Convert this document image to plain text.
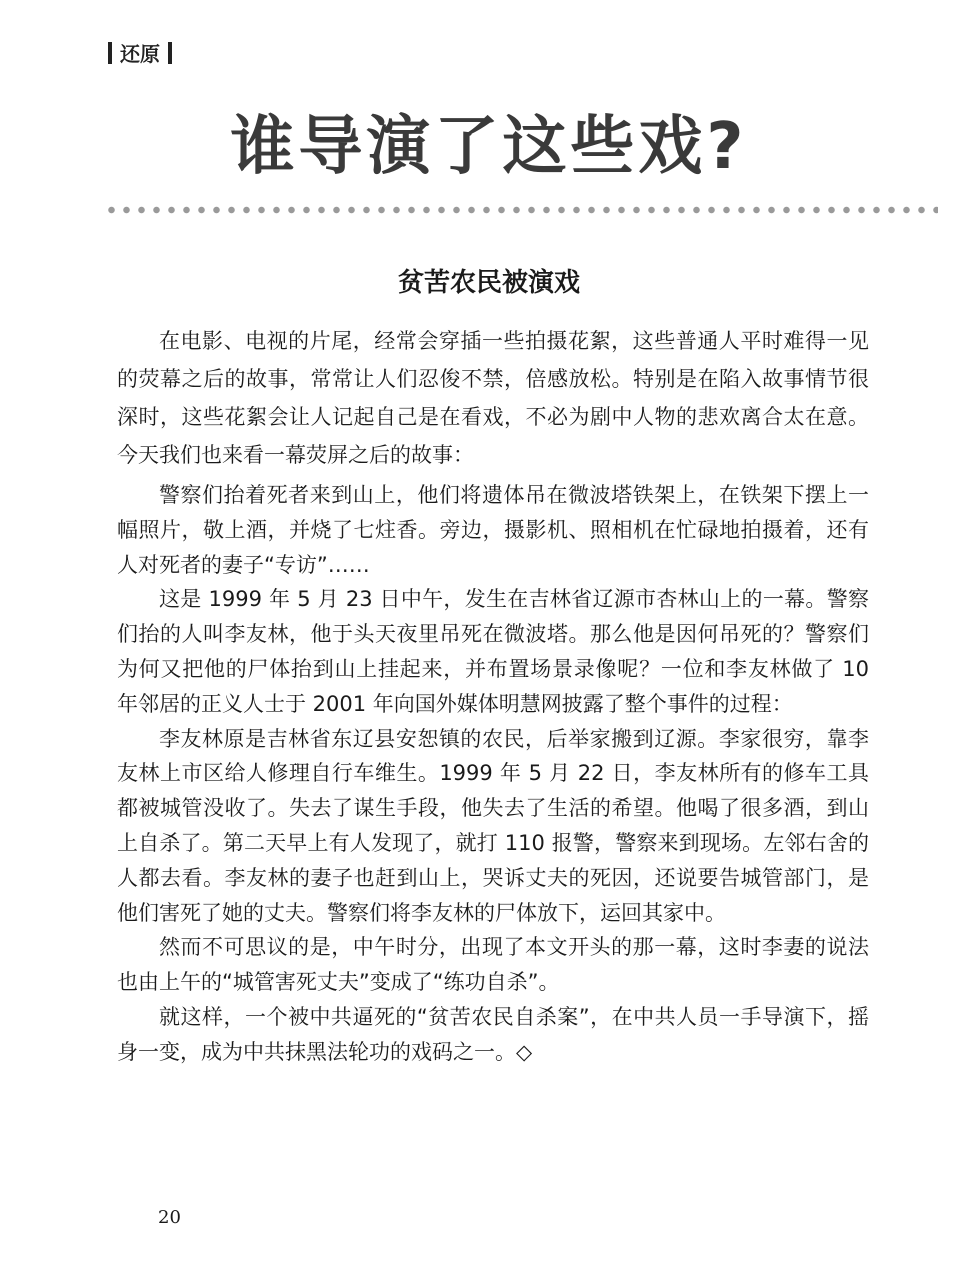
还原
谁导演了这些戏?
贫苦农民被演戏

在电影、电视的片尾，经常会穿插一些拍摄花絮，这些普通人平时难得一见的荧幕之后的故事，常常让人们忍俊不禁，倍感放松。特别是在陷入故事情节很深时，这些花絮会让人记起自己是在看戏，不必为剧中人物的悲欢离合太在意。今天我们也来看一幕荧屏之后的故事：

警察们抬着死者来到山上，他们将遗体吊在微波塔铁架上，在铁架下摆上一幅照片，敬上酒，并烧了七炷香。旁边，摄影机、照相机在忙碌地拍摄着，还有人对死者的妻子“专访”……

这是 1999 年 5 月 23 日中午，发生在吉林省辽源市杏林山上的一幕。警察们抬的人叫李友林，他于头天夜里吊死在微波塔。那么他是因何吊死的？警察们为何又把他的尸体抬到山上挂起来，并布置场景录像呢？一位和李友林做了 10 年邻居的正义人士于 2001 年向国外媒体明慧网披露了整个事件的过程：

李友林原是吉林省东辽县安恕镇的农民，后举家搬到辽源。李家很穷，靠李友林上市区给人修理自行车维生。1999 年 5 月 22 日，李友林所有的修车工具都被城管没收了。失去了谋生手段，他失去了生活的希望。他喝了很多酒，到山上自杀了。第二天早上有人发现了，就打 110 报警，警察来到现场。左邻右舍的人都去看。李友林的妻子也赶到山上，哭诉丈夫的死因，还说要告城管部门，是他们害死了她的丈夫。警察们将李友林的尸体放下，运回其家中。

然而不可思议的是，中午时分，出现了本文开头的那一幕，这时李妻的说法也由上午的“城管害死丈夫”变成了“练功自杀”。

就这样，一个被中共逼死的“贫苦农民自杀案”，在中共人员一手导演下，摇身一变，成为中共抹黑法轮功的戏码之一。◇

20
